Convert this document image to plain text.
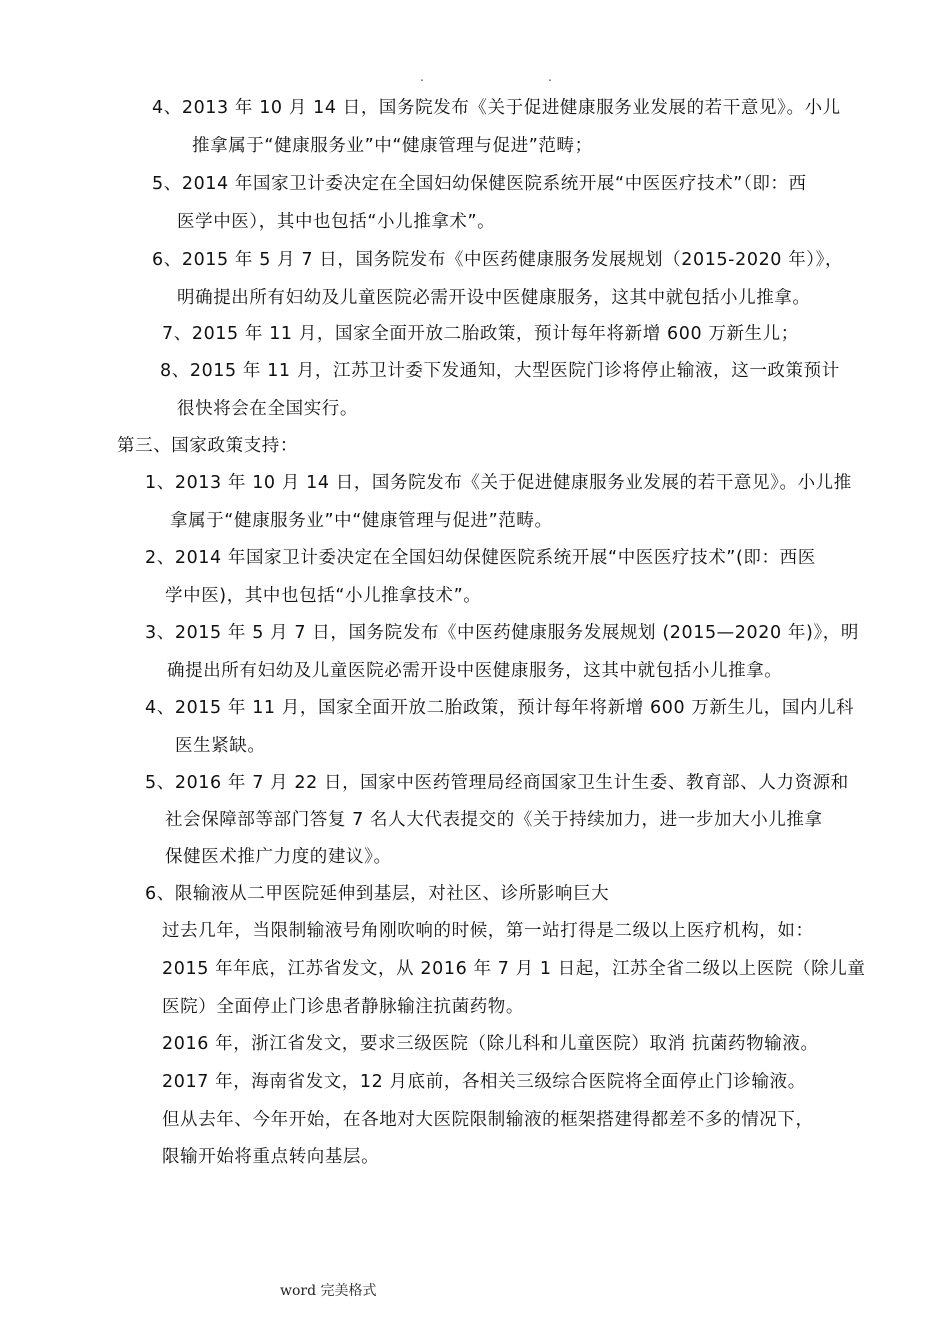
.	.
4、2013 年 10 月 14 日，国务院发布《关于促进健康服务业发展的若干意见》。小儿
推拿属于“健康服务业”中“健康管理与促进”范畴；
5、2014 年国家卫计委决定在全国妇幼保健医院系统开展“中医医疗技术”（即：西
医学中医），其中也包括“小儿推拿术”。
6、2015 年 5 月 7 日，国务院发布《中医药健康服务发展规划（2015-2020 年）》，
明确提出所有妇幼及儿童医院必需开设中医健康服务，这其中就包括小儿推拿。
7、2015 年 11 月，国家全面开放二胎政策，预计每年将新增 600 万新生儿；
8、2015 年 11 月，江苏卫计委下发通知，大型医院门诊将停止输液，这一政策预计
很快将会在全国实行。
第三、国家政策支持：
1、2013 年 10 月 14 日，国务院发布《关于促进健康服务业发展的若干意见》。小儿推
拿属于“健康服务业”中“健康管理与促进”范畴。
2、2014 年国家卫计委决定在全国妇幼保健医院系统开展“中医医疗技术”(即：西医
学中医)，其中也包括“小儿推拿技术”。
3、2015 年 5 月 7 日，国务院发布《中医药健康服务发展规划 (2015—2020 年)》，明
确提出所有妇幼及儿童医院必需开设中医健康服务，这其中就包括小儿推拿。
4、2015 年 11 月，国家全面开放二胎政策，预计每年将新增 600 万新生儿，国内儿科
医生紧缺。
5、2016 年 7 月 22 日，国家中医药管理局经商国家卫生计生委、教育部、人力资源和
社会保障部等部门答复 7 名人大代表提交的《关于持续加力，进一步加大小儿推拿
保健医术推广力度的建议》。
6、限输液从二甲医院延伸到基层，对社区、诊所影响巨大
过去几年，当限制输液号角刚吹响的时候，第一站打得是二级以上医疗机构，如：
2015 年年底，江苏省发文，从 2016 年 7 月 1 日起，江苏全省二级以上医院（除儿童
医院）全面停止门诊患者静脉输注抗菌药物。
2016 年，浙江省发文，要求三级医院（除儿科和儿童医院）取消 抗菌药物输液。
2017 年，海南省发文，12 月底前，各相关三级综合医院将全面停止门诊输液。
但从去年、今年开始，在各地对大医院限制输液的框架搭建得都差不多的情况下，
限输开始将重点转向基层。
word 完美格式
